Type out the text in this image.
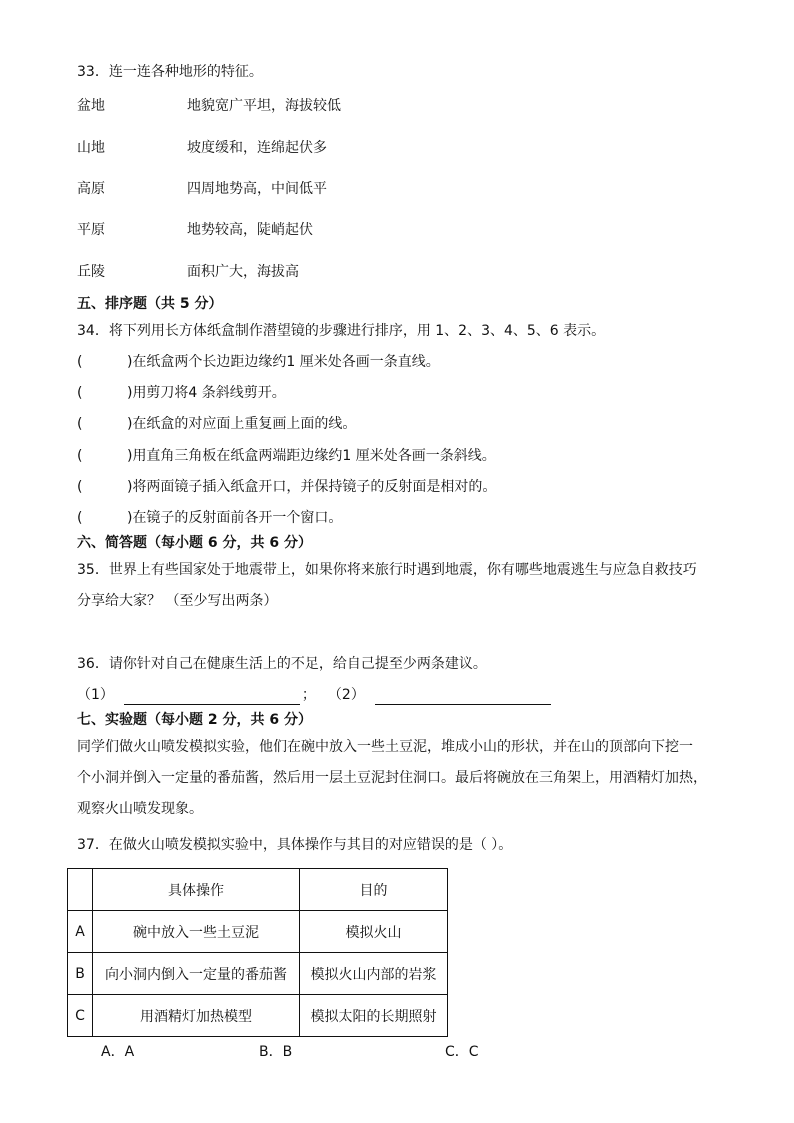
33．连一连各种地形的特征。
盆地	地貌宽广平坦，海拔较低
山地	坡度缓和，连绵起伏多
高原	四周地势高，中间低平
平原	地势较高，陡峭起伏
丘陵	面积广大，海拔高
五、排序题（共 5 分）
34．将下列用长方体纸盒制作潜望镜的步骤进行排序，用 1、2、3、4、5、6 表示。
(          )在纸盒两个长边距边缘约1 厘米处各画一条直线。
(          )用剪刀将4 条斜线剪开。
(          )在纸盒的对应面上重复画上面的线。
(          )用直角三角板在纸盒两端距边缘约1 厘米处各画一条斜线。
(          )将两面镜子插入纸盒开口，并保持镜子的反射面是相对的。
(          )在镜子的反射面前各开一个窗口。
六、简答题（每小题 6 分，共 6 分）
35．世界上有些国家处于地震带上，如果你将来旅行时遇到地震，你有哪些地震逃生与应急自救技巧
分享给大家？ （至少写出两条）
36．请你针对自己在健康生活上的不足，给自己提至少两条建议。
（1）	； （2）
七、实验题（每小题 2 分，共 6 分）
同学们做火山喷发模拟实验，他们在碗中放入一些土豆泥，堆成小山的形状，并在山的顶部向下挖一
个小洞并倒入一定量的番茄酱，然后用一层土豆泥封住洞口。最后将碗放在三角架上，用酒精灯加热，
观察火山喷发现象。
37．在做火山喷发模拟实验中，具体操作与其目的对应错误的是（ ）。
	具体操作	目的
A	碗中放入一些土豆泥	模拟火山
B	向小洞内倒入一定量的番茄酱	模拟火山内部的岩浆
C	用酒精灯加热模型	模拟太阳的长期照射
A．A	B．B	C．C
